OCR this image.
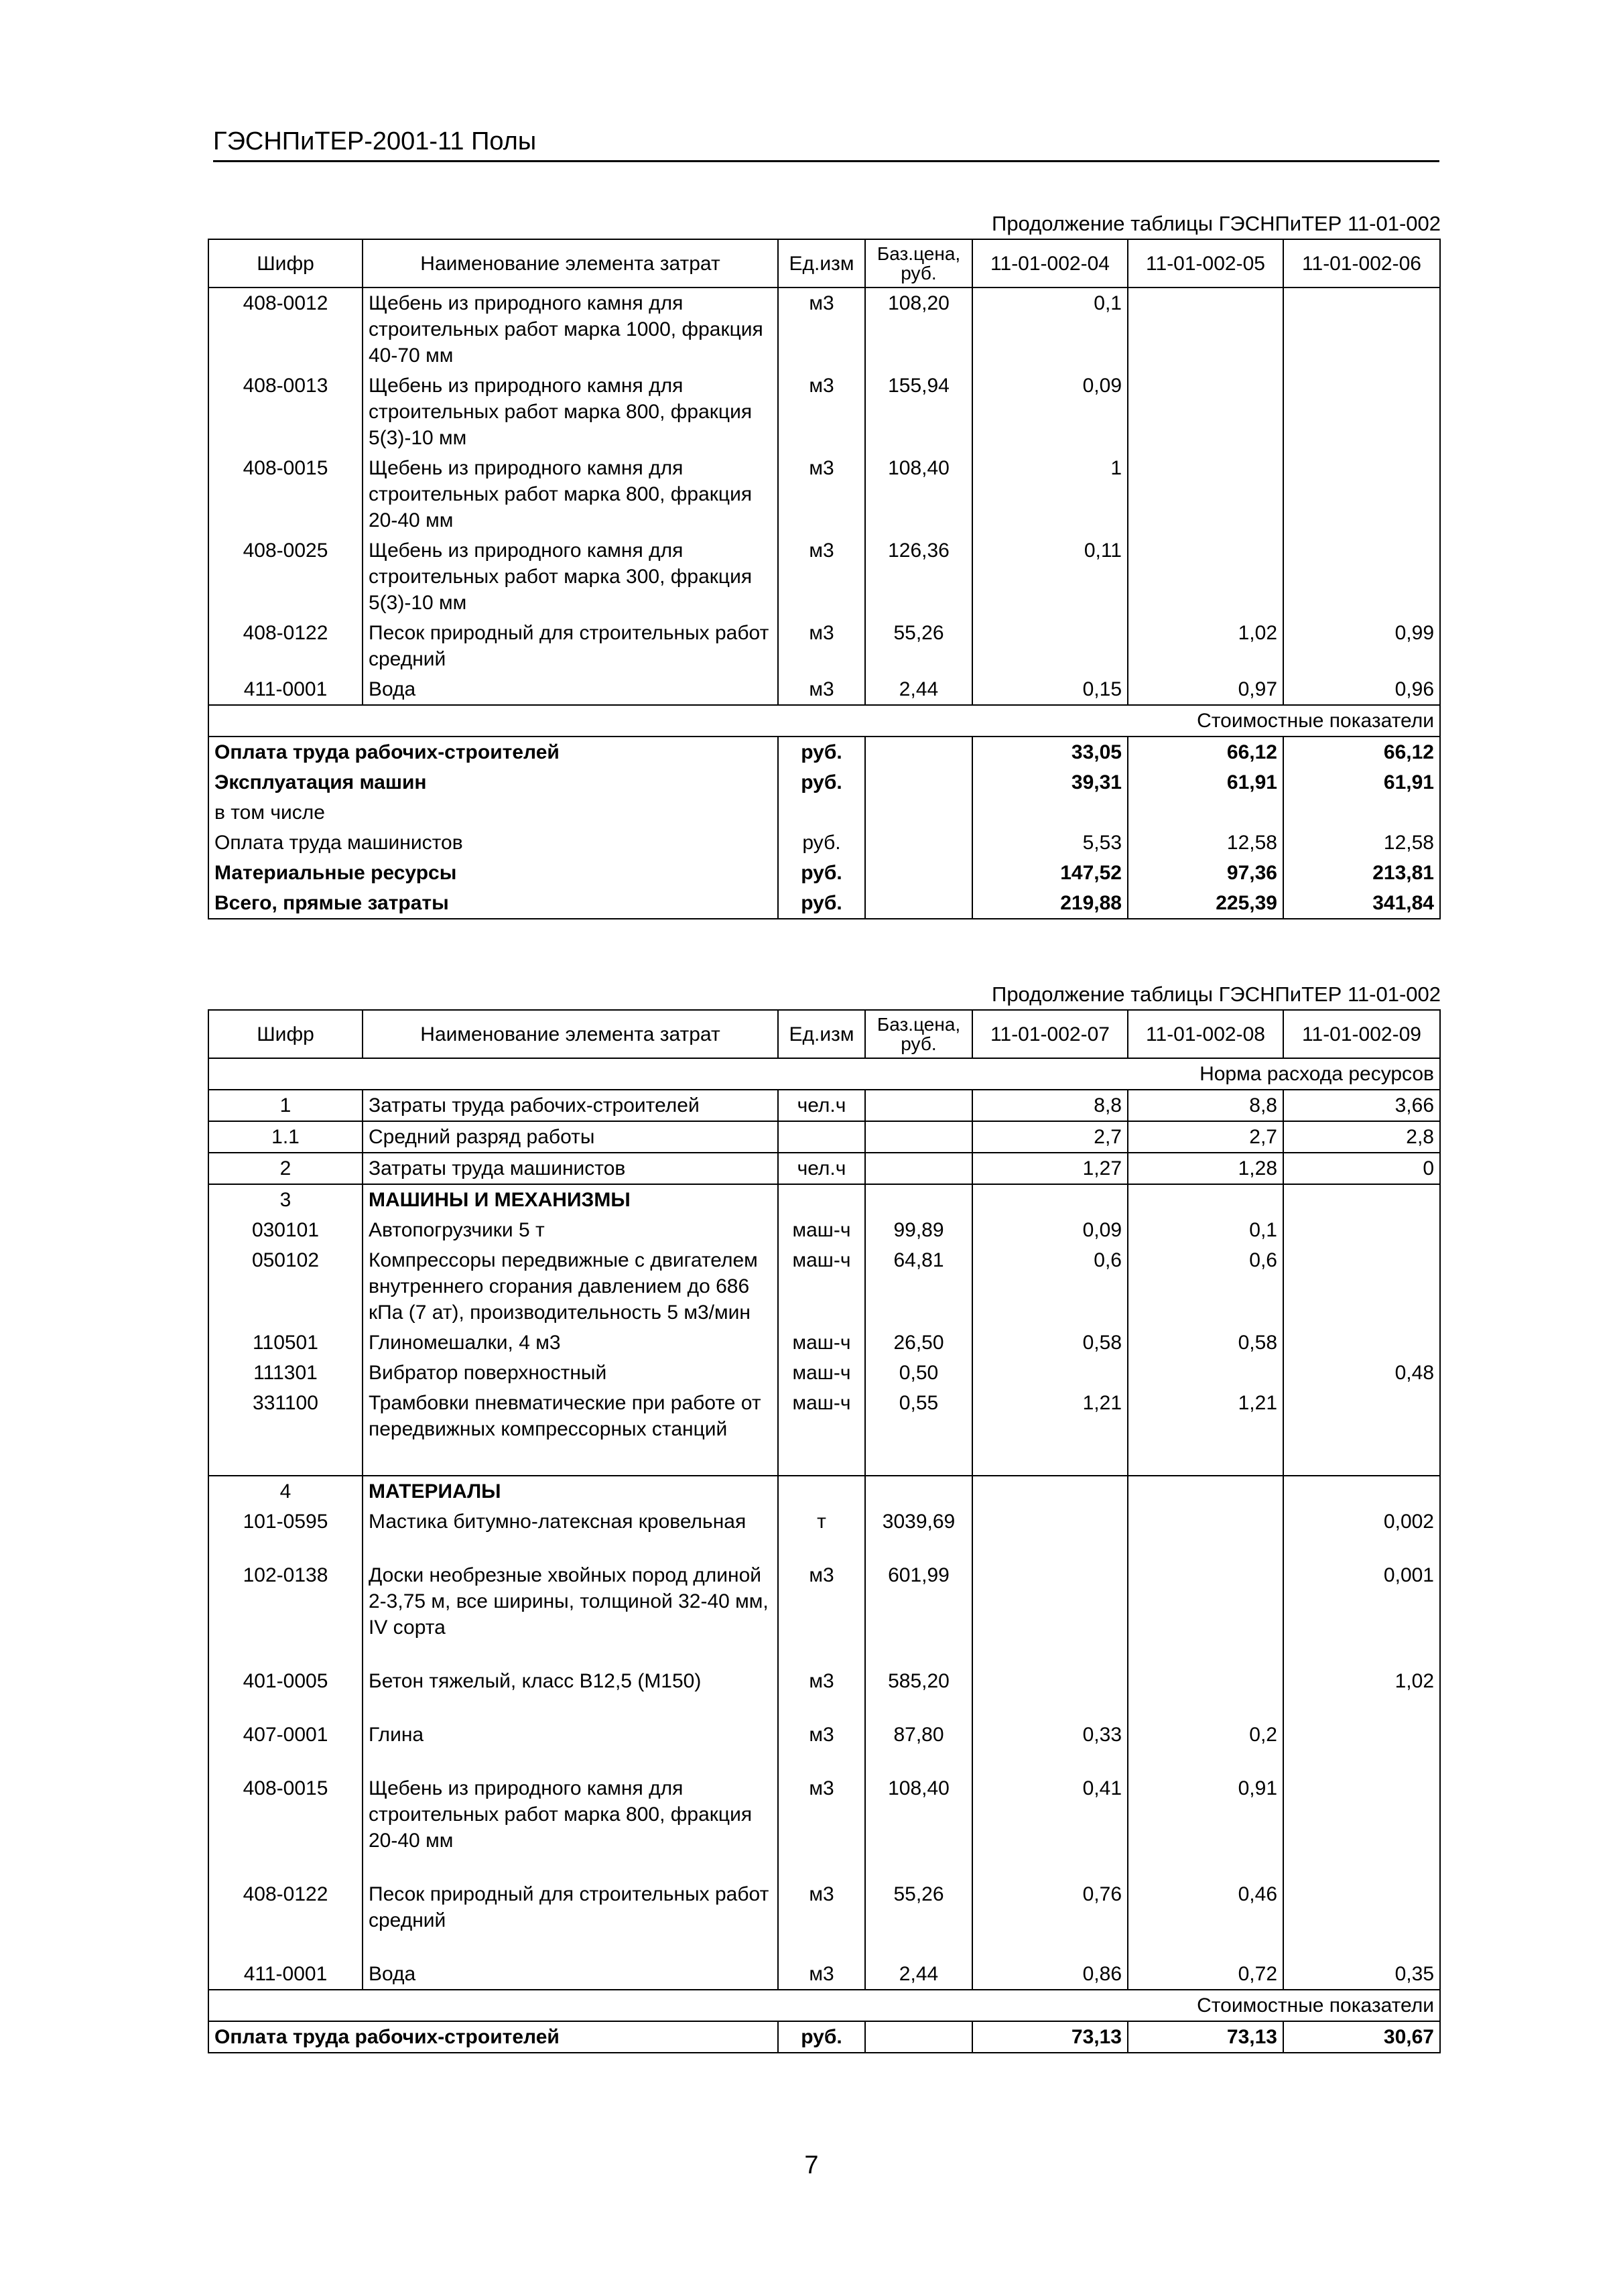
ГЭСНПиТЕР-2001-11 Полы
Продолжение таблицы ГЭСНПиТЕР 11-01-002
Шифр	Наименование элемента затрат	Ед.изм	Баз.цена, руб.	11-01-002-04	11-01-002-05	11-01-002-06
408-0012	Щебень из природного камня для строительных работ марка 1000, фракция 40-70 мм	м3	108,20	0,1		
408-0013	Щебень из природного камня для строительных работ марка 800, фракция 5(3)-10 мм	м3	155,94	0,09		
408-0015	Щебень из природного камня для строительных работ марка 800, фракция 20-40 мм	м3	108,40	1		
408-0025	Щебень из природного камня для строительных работ марка 300, фракция 5(3)-10 мм	м3	126,36	0,11		
408-0122	Песок природный для строительных работ средний	м3	55,26		1,02	0,99
411-0001	Вода	м3	2,44	0,15	0,97	0,96
Стоимостные показатели						
Оплата труда рабочих-строителей		руб.		33,05	66,12	66,12
Эксплуатация машин		руб.		39,31	61,91	61,91
в том числе						
Оплата труда машинистов		руб.		5,53	12,58	12,58
Материальные ресурсы		руб.		147,52	97,36	213,81
Всего, прямые затраты		руб.		219,88	225,39	341,84
Продолжение таблицы ГЭСНПиТЕР 11-01-002
Шифр	Наименование элемента затрат	Ед.изм	Баз.цена, руб.	11-01-002-07	11-01-002-08	11-01-002-09
Норма расхода ресурсов						
1	Затраты труда рабочих-строителей	чел.ч		8,8	8,8	3,66
1.1	Средний разряд работы			2,7	2,7	2,8
2	Затраты труда машинистов	чел.ч		1,27	1,28	0
3	МАШИНЫ И МЕХАНИЗМЫ					
030101	Автопогрузчики 5 т	маш-ч	99,89	0,09	0,1	
050102	Компрессоры передвижные с двигателем внутреннего сгорания давлением до 686 кПа (7 ат), производительность 5 м3/мин	маш-ч	64,81	0,6	0,6	
110501	Глиномешалки, 4 м3	маш-ч	26,50	0,58	0,58	
111301	Вибратор поверхностный	маш-ч	0,50			0,48
331100	Трамбовки пневматические при работе от передвижных компрессорных станций	маш-ч	0,55	1,21	1,21	

4	МАТЕРИАЛЫ					
101-0595	Мастика битумно-латексная кровельная	т	3039,69			0,002
102-0138	Доски необрезные хвойных пород длиной 2-3,75 м, все ширины, толщиной 32-40 мм, IV сорта	м3	601,99			0,001
401-0005	Бетон тяжелый, класс В12,5 (М150)	м3	585,20			1,02
407-0001	Глина	м3	87,80	0,33	0,2	
408-0015	Щебень из природного камня для строительных работ марка 800, фракция 20-40 мм	м3	108,40	0,41	0,91	
408-0122	Песок природный для строительных работ средний	м3	55,26	0,76	0,46	
411-0001	Вода	м3	2,44	0,86	0,72	0,35
Стоимостные показатели						
Оплата труда рабочих-строителей		руб.		73,13	73,13	30,67
7
